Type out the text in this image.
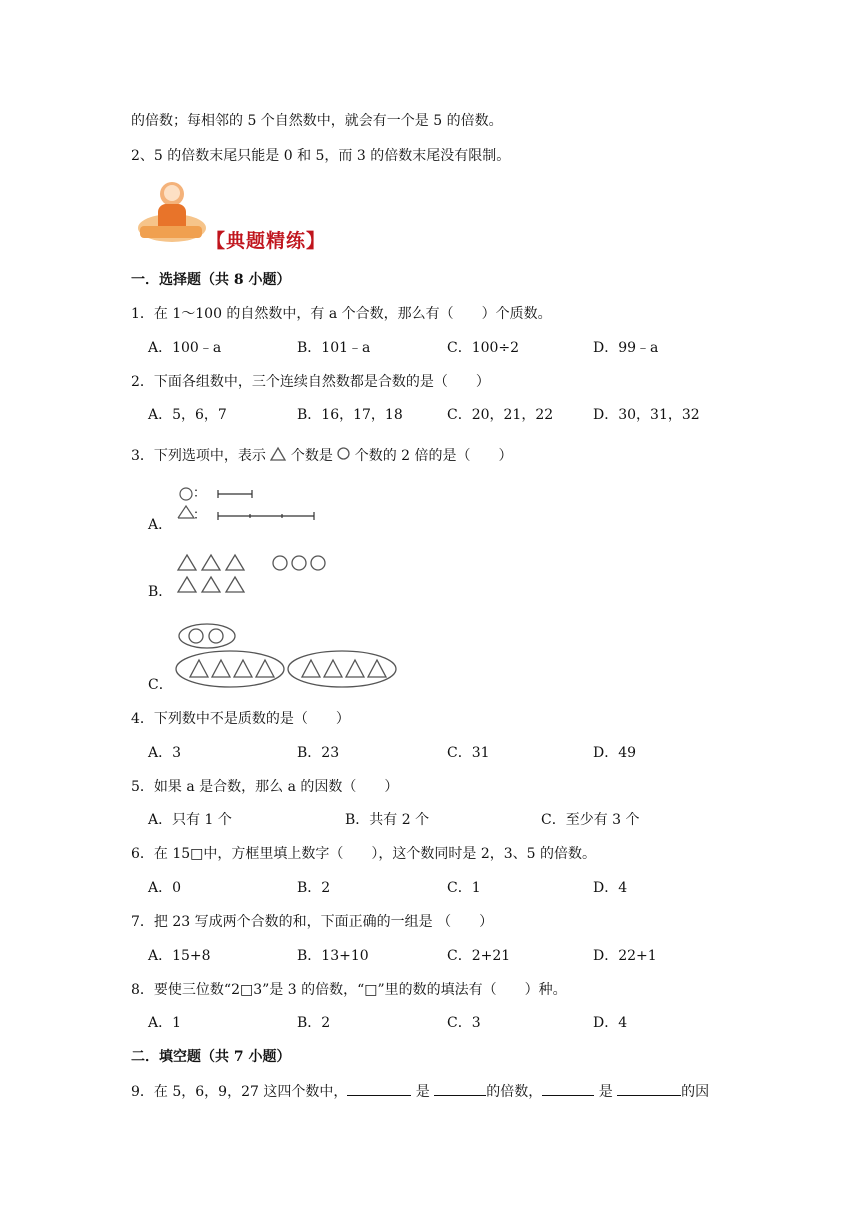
的倍数；每相邻的 5 个自然数中，就会有一个是 5 的倍数。
2、5 的倍数末尾只能是 0 和 5，而 3 的倍数末尾没有限制。
【典题精练】
一．选择题（共 8 小题）
1．在 1～100 的自然数中，有 a 个合数，那么有（　　）个质数。
A．100﹣a	B．101﹣a	C．100÷2	D．99﹣a
2．下面各组数中，三个连续自然数都是合数的是（　　）
A．5，6，7	B．16，17，18	C．20，21，22	D．30，31，32
3．下列选项中，表示 个数是 个数的 2 倍的是（　　）
A．
：
：
B．
C．
4．下列数中不是质数的是（　　）
A．3	B．23	C．31	D．49
5．如果 a 是合数，那么 a 的因数（　　）
A．只有 1 个	B．共有 2 个	C．至少有 3 个
6．在 15□中，方框里填上数字（　　），这个数同时是 2，3、5 的倍数。
A．0	B．2	C．1	D．4
7．把 23 写成两个合数的和，下面正确的一组是 （　　）
A．15+8	B．13+10	C．2+21	D．22+1
8．要使三位数“2□3”是 3 的倍数，“□”里的数的填法有（　　）种。
A．1	B．2	C．3	D．4
二．填空题（共 7 小题）
9．在 5，6，9，27 这四个数中，	是	的倍数，	是	的因
